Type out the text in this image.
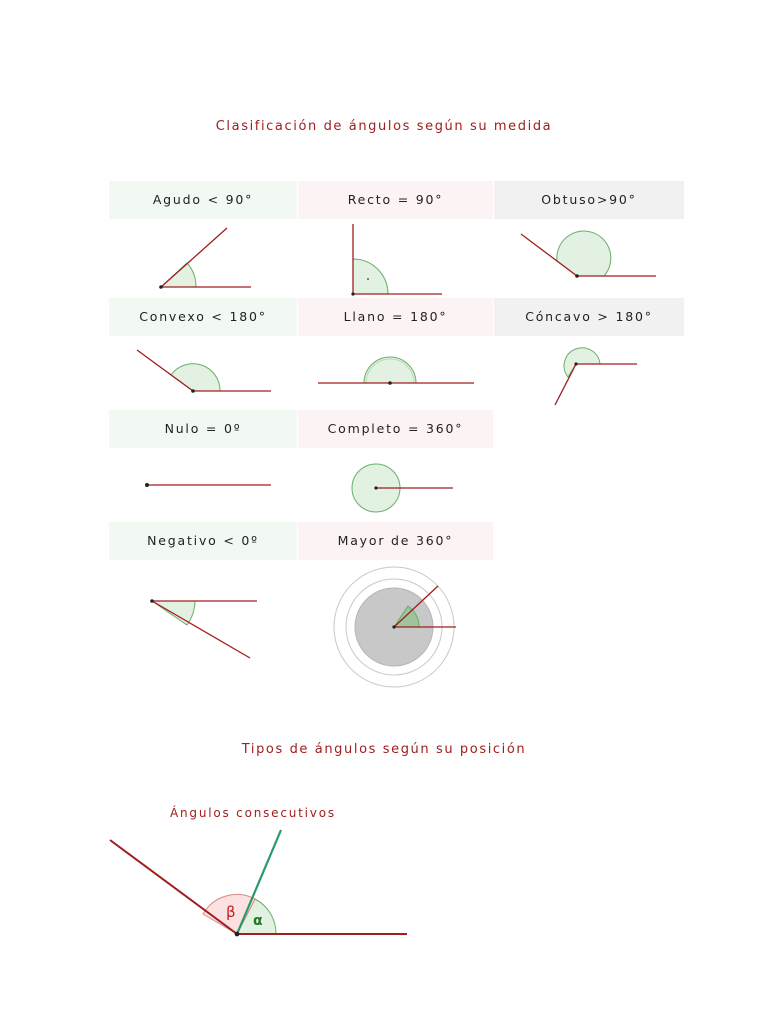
Clasificación de ángulos según su medida
Agudo < 90°	Recto = 90°	Obtuso>90°
Convexo < 180°	Llano = 180°	Cóncavo > 180°
Nulo = 0º	Completo = 360°
Negativo < 0º	Mayor de 360°
β α
Tipos de ángulos según su posición
Ángulos consecutivos
